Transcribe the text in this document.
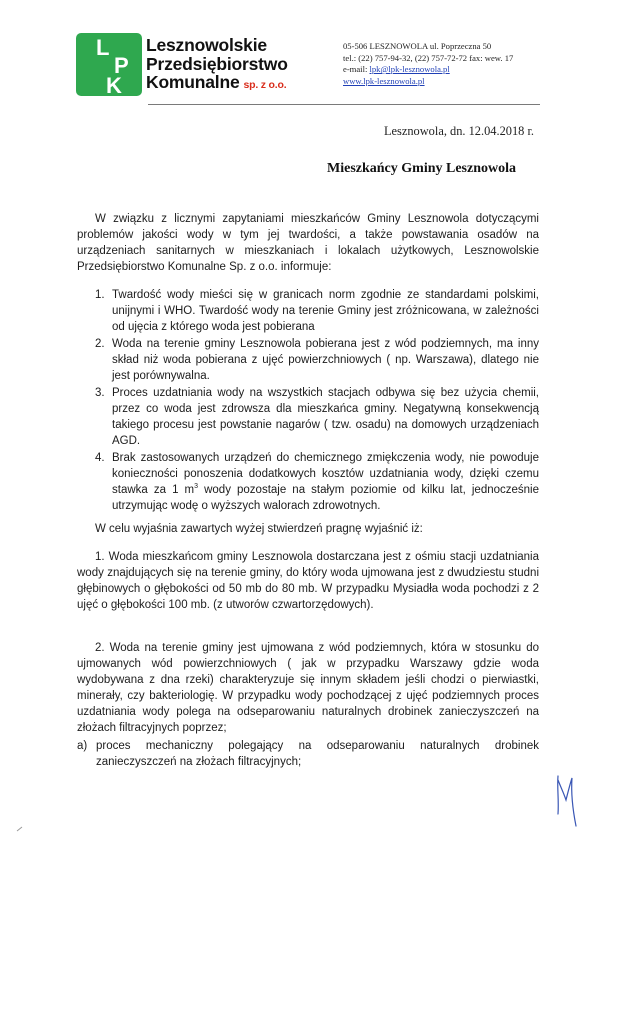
L
P
K
Lesznowolskie
Przedsiębiorstwo
Komunalne sp. z o.o.
05-506 LESZNOWOLA ul. Poprzeczna 50
tel.: (22) 757-94-32, (22) 757-72-72 fax: wew. 17
e-mail: lpk@lpk-lesznowola.pl
www.lpk-lesznowola.pl
Lesznowola, dn. 12.04.2018 r.
Mieszkańcy Gminy Lesznowola
W związku z licznymi zapytaniami mieszkańców Gminy Lesznowola dotyczącymi problemów jakości wody w tym jej twardości, a także powstawania osadów na urządzeniach sanitarnych w mieszkaniach i lokalach użytkowych, Lesznowolskie Przedsiębiorstwo Komunalne Sp. z o.o. informuje:
1. Twardość wody mieści się w granicach norm zgodnie ze standardami polskimi, unijnymi i WHO. Twardość wody na terenie Gminy jest zróżnicowana, w zależności od ujęcia z którego woda jest pobierana
2. Woda na terenie gminy Lesznowola pobierana jest z wód podziemnych, ma inny skład niż woda pobierana z ujęć powierzchniowych ( np. Warszawa), dlatego nie jest porównywalna.
3. Proces uzdatniania wody na wszystkich stacjach odbywa się bez użycia chemii, przez co woda jest zdrowsza dla mieszkańca gminy. Negatywną konsekwencją takiego procesu jest powstanie nagarów ( tzw. osadu) na domowych urządzeniach AGD.
4. Brak zastosowanych urządzeń do chemicznego zmiękczenia wody, nie powoduje konieczności ponoszenia dodatkowych kosztów uzdatniania wody, dzięki czemu stawka za 1 $m^3$ wody pozostaje na stałym poziomie od kilku lat, jednocześnie utrzymując wodę o wyższych walorach zdrowotnych.
W celu wyjaśnia zawartych wyżej stwierdzeń pragnę wyjaśnić iż:
1. Woda mieszkańcom gminy Lesznowola dostarczana jest z ośmiu stacji uzdatniania wody znajdujących się na terenie gminy, do który woda ujmowana jest z dwudziestu studni głębinowych o głębokości od 50 mb do 80 mb. W przypadku Mysiadła woda pochodzi z 2 ujęć o głębokości 100 mb. (z utworów czwartorzędowych).
2. Woda na terenie gminy jest ujmowana z wód podziemnych, która w stosunku do ujmowanych wód powierzchniowych ( jak w przypadku Warszawy gdzie woda wydobywana z dna rzeki) charakteryzuje się innym składem jeśli chodzi o pierwiastki, minerały, czy bakteriologię. W przypadku wody pochodzącej z ujęć podziemnych proces uzdatniania wody polega na odseparowaniu naturalnych drobinek zanieczyszczeń na złożach filtracyjnych poprzez;
a) proces mechaniczny polegający na odseparowaniu naturalnych drobinek zanieczyszczeń na złożach filtracyjnych;
